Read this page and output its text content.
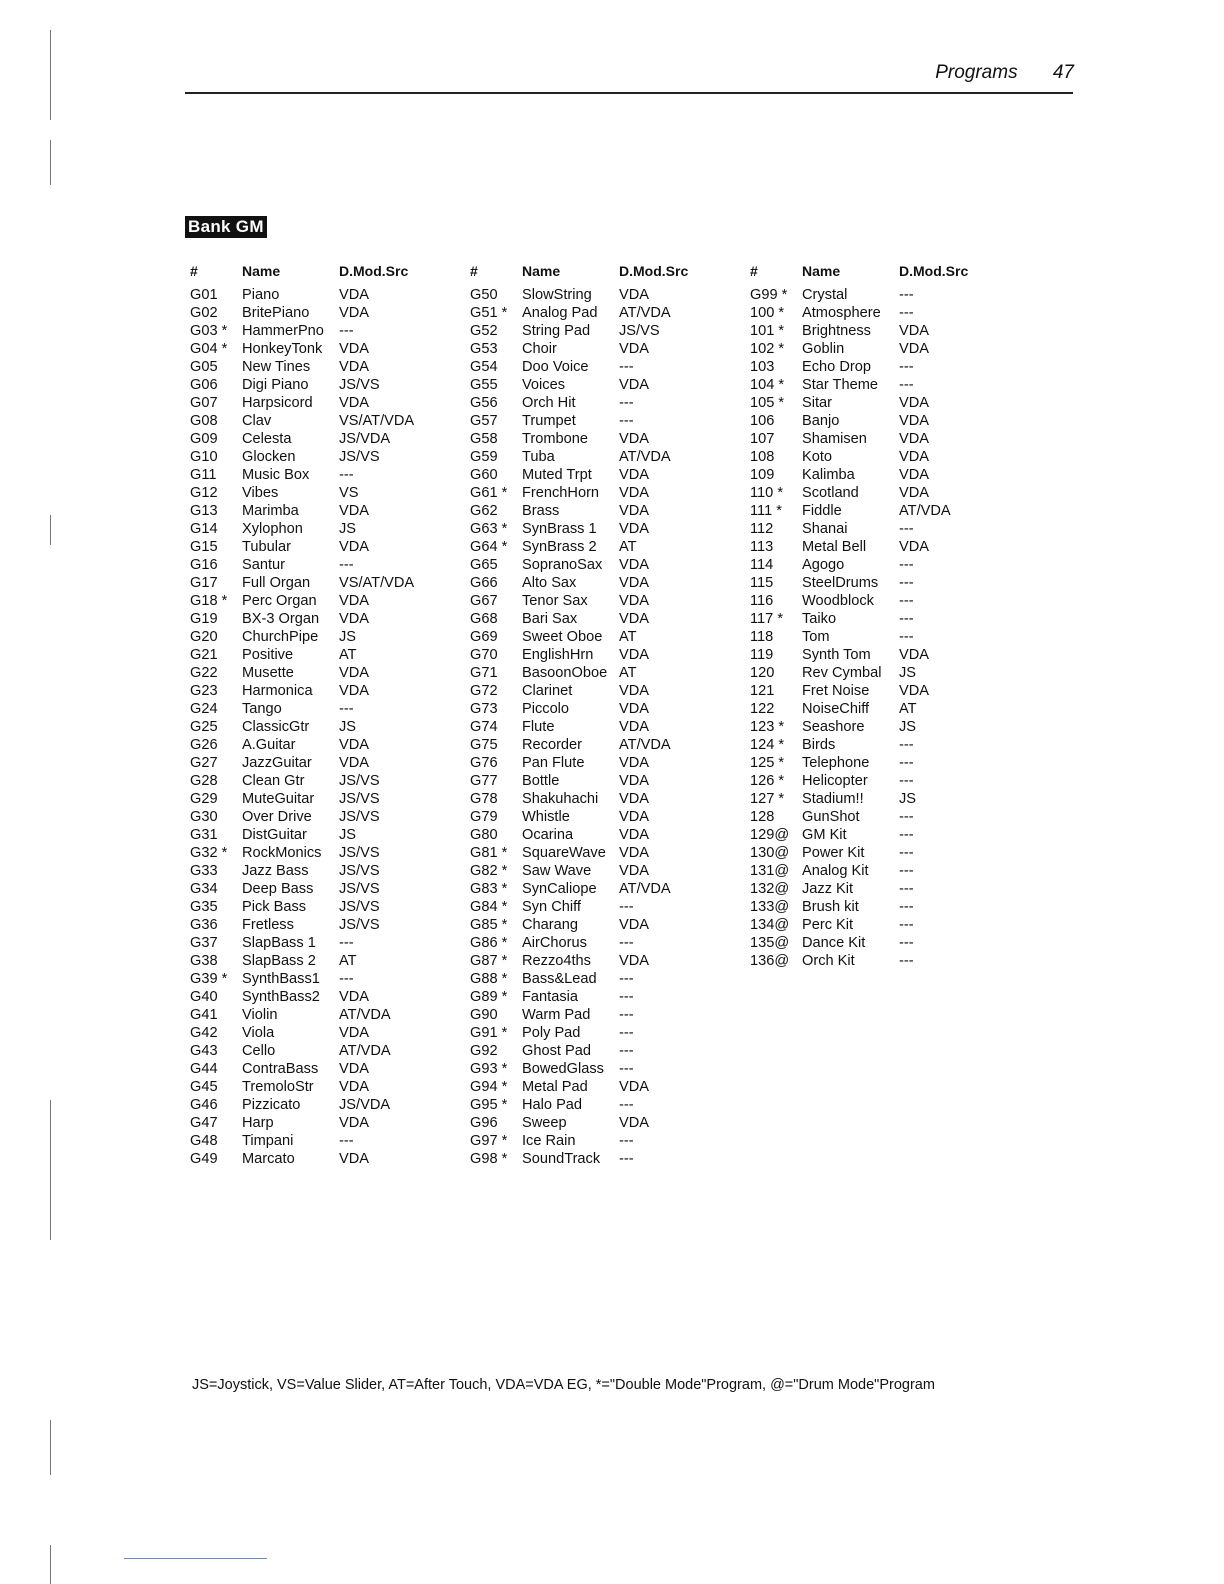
Programs 47
Bank GM
#	Name	D.Mod.Src
G01	Piano	VDA
G02	BritePiano	VDA
G03 *	HammerPno	---
G04 *	HonkeyTonk	VDA
G05	New Tines	VDA
G06	Digi Piano	JS/VS
G07	Harpsicord	VDA
G08	Clav	VS/AT/VDA
G09	Celesta	JS/VDA
G10	Glocken	JS/VS
G11	Music Box	---
G12	Vibes	VS
G13	Marimba	VDA
G14	Xylophon	JS
G15	Tubular	VDA
G16	Santur	---
G17	Full Organ	VS/AT/VDA
G18 *	Perc Organ	VDA
G19	BX-3 Organ	VDA
G20	ChurchPipe	JS
G21	Positive	AT
G22	Musette	VDA
G23	Harmonica	VDA
G24	Tango	---
G25	ClassicGtr	JS
G26	A.Guitar	VDA
G27	JazzGuitar	VDA
G28	Clean Gtr	JS/VS
G29	MuteGuitar	JS/VS
G30	Over Drive	JS/VS
G31	DistGuitar	JS
G32 *	RockMonics	JS/VS
G33	Jazz Bass	JS/VS
G34	Deep Bass	JS/VS
G35	Pick Bass	JS/VS
G36	Fretless	JS/VS
G37	SlapBass 1	---
G38	SlapBass 2	AT
G39 *	SynthBass1	---
G40	SynthBass2	VDA
G41	Violin	AT/VDA
G42	Viola	VDA
G43	Cello	AT/VDA
G44	ContraBass	VDA
G45	TremoloStr	VDA
G46	Pizzicato	JS/VDA
G47	Harp	VDA
G48	Timpani	---
G49	Marcato	VDA
#	Name	D.Mod.Src
G50	SlowString	VDA
G51 *	Analog Pad	AT/VDA
G52	String Pad	JS/VS
G53	Choir	VDA
G54	Doo Voice	---
G55	Voices	VDA
G56	Orch Hit	---
G57	Trumpet	---
G58	Trombone	VDA
G59	Tuba	AT/VDA
G60	Muted Trpt	VDA
G61 *	FrenchHorn	VDA
G62	Brass	VDA
G63 *	SynBrass 1	VDA
G64 *	SynBrass 2	AT
G65	SopranoSax	VDA
G66	Alto Sax	VDA
G67	Tenor Sax	VDA
G68	Bari Sax	VDA
G69	Sweet Oboe	AT
G70	EnglishHrn	VDA
G71	BasoonOboe AT
G72	Clarinet	VDA
G73	Piccolo	VDA
G74	Flute	VDA
G75	Recorder	AT/VDA
G76	Pan Flute	VDA
G77	Bottle	VDA
G78	Shakuhachi	VDA
G79	Whistle	VDA
G80	Ocarina	VDA
G81 *	SquareWave VDA
G82 *	Saw Wave	VDA
G83 *	SynCaliope	AT/VDA
G84 *	Syn Chiff	---
G85 *	Charang	VDA
G86 *	AirChorus	---
G87 *	Rezzo4ths	VDA
G88 *	Bass&Lead	---
G89 *	Fantasia	---
G90	Warm Pad	---
G91 *	Poly Pad	---
G92	Ghost Pad	---
G93 *	BowedGlass	---
G94 *	Metal Pad	VDA
G95 *	Halo Pad	---
G96	Sweep	VDA
G97 *	Ice Rain	---
G98 *	SoundTrack	---
#	Name	D.Mod.Src
G99 *	Crystal	---
100 *	Atmosphere	---
101 *	Brightness	VDA
102 *	Goblin	VDA
103	Echo Drop	---
104 *	Star Theme	---
105 *	Sitar	VDA
106	Banjo	VDA
107	Shamisen	VDA
108	Koto	VDA
109	Kalimba	VDA
110 *	Scotland	VDA
111 *	Fiddle	AT/VDA
112	Shanai	---
113	Metal Bell	VDA
114	Agogo	---
115	SteelDrums	---
116	Woodblock	---
117 *	Taiko	---
118	Tom	---
119	Synth Tom	VDA
120	Rev Cymbal	JS
121	Fret Noise	VDA
122	NoiseChiff	AT
123 *	Seashore	JS
124 *	Birds	---
125 *	Telephone	---
126 *	Helicopter	---
127 *	Stadium!!	JS
128	GunShot	---
129@ GM Kit	---
130@ Power Kit	---
131@ Analog Kit	---
132@ Jazz Kit	---
133@ Brush kit	---
134@ Perc Kit	---
135@ Dance Kit	---
136@ Orch Kit	---
JS=Joystick, VS=Value Slider, AT=After Touch, VDA=VDA EG, *="Double Mode"Program, @="Drum Mode"Program
